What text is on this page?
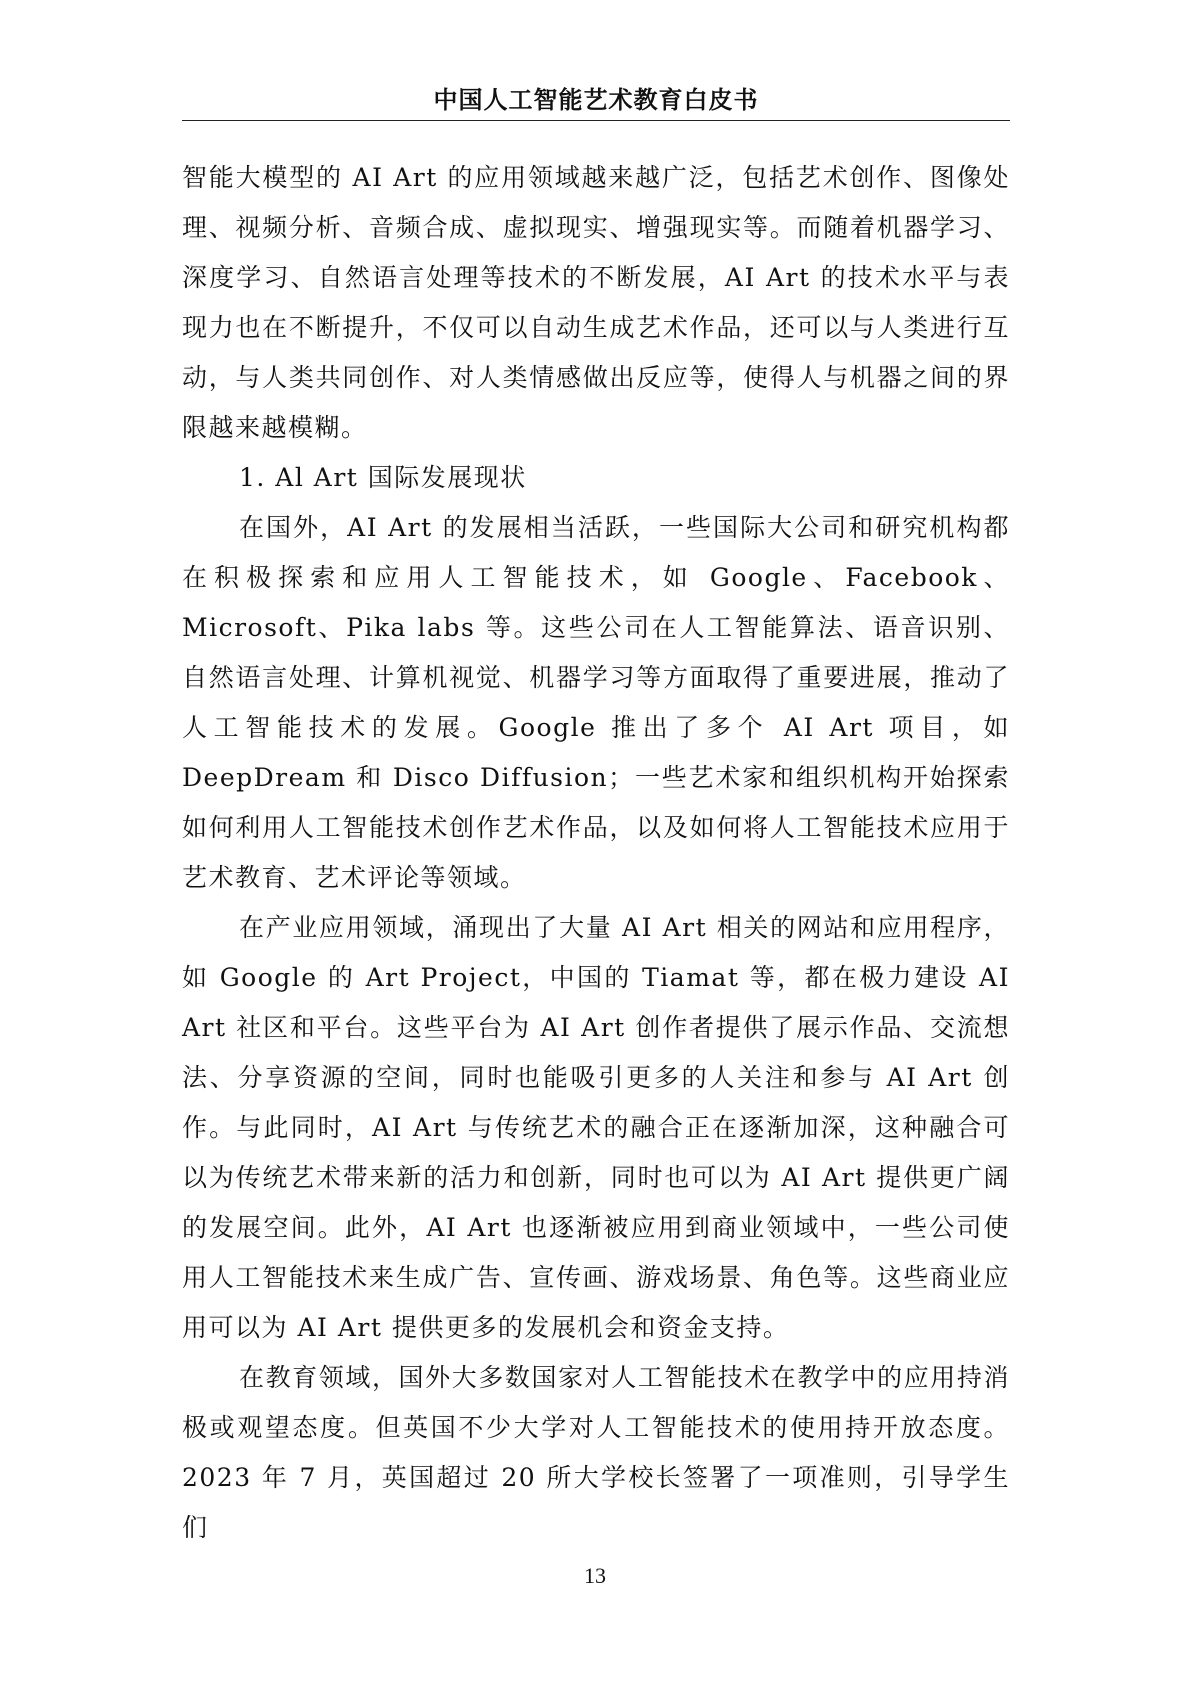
中国人工智能艺术教育白皮书

智能大模型的 AI Art 的应用领域越来越广泛，包括艺术创作、图像处理、视频分析、音频合成、虚拟现实、增强现实等。而随着机器学习、深度学习、自然语言处理等技术的不断发展，AI Art 的技术水平与表现力也在不断提升，不仅可以自动生成艺术作品，还可以与人类进行互动，与人类共同创作、对人类情感做出反应等，使得人与机器之间的界限越来越模糊。

1. Al Art 国际发展现状

在国外，AI Art 的发展相当活跃，一些国际大公司和研究机构都在积极探索和应用人工智能技术，如 Google、Facebook、Microsoft、Pika labs 等。这些公司在人工智能算法、语音识别、自然语言处理、计算机视觉、机器学习等方面取得了重要进展，推动了人工智能技术的发展。Google 推出了多个 AI Art 项目，如 DeepDream 和 Disco Diffusion；一些艺术家和组织机构开始探索如何利用人工智能技术创作艺术作品，以及如何将人工智能技术应用于艺术教育、艺术评论等领域。

在产业应用领域，涌现出了大量 AI Art 相关的网站和应用程序，如 Google 的 Art Project，中国的 Tiamat 等，都在极力建设 AI Art 社区和平台。这些平台为 AI Art 创作者提供了展示作品、交流想法、分享资源的空间，同时也能吸引更多的人关注和参与 AI Art 创作。与此同时，AI Art 与传统艺术的融合正在逐渐加深，这种融合可以为传统艺术带来新的活力和创新，同时也可以为 AI Art 提供更广阔的发展空间。此外，AI Art 也逐渐被应用到商业领域中，一些公司使用人工智能技术来生成广告、宣传画、游戏场景、角色等。这些商业应用可以为 AI Art 提供更多的发展机会和资金支持。

在教育领域，国外大多数国家对人工智能技术在教学中的应用持消极或观望态度。但英国不少大学对人工智能技术的使用持开放态度。2023 年 7 月，英国超过 20 所大学校长签署了一项准则，引导学生们

13
